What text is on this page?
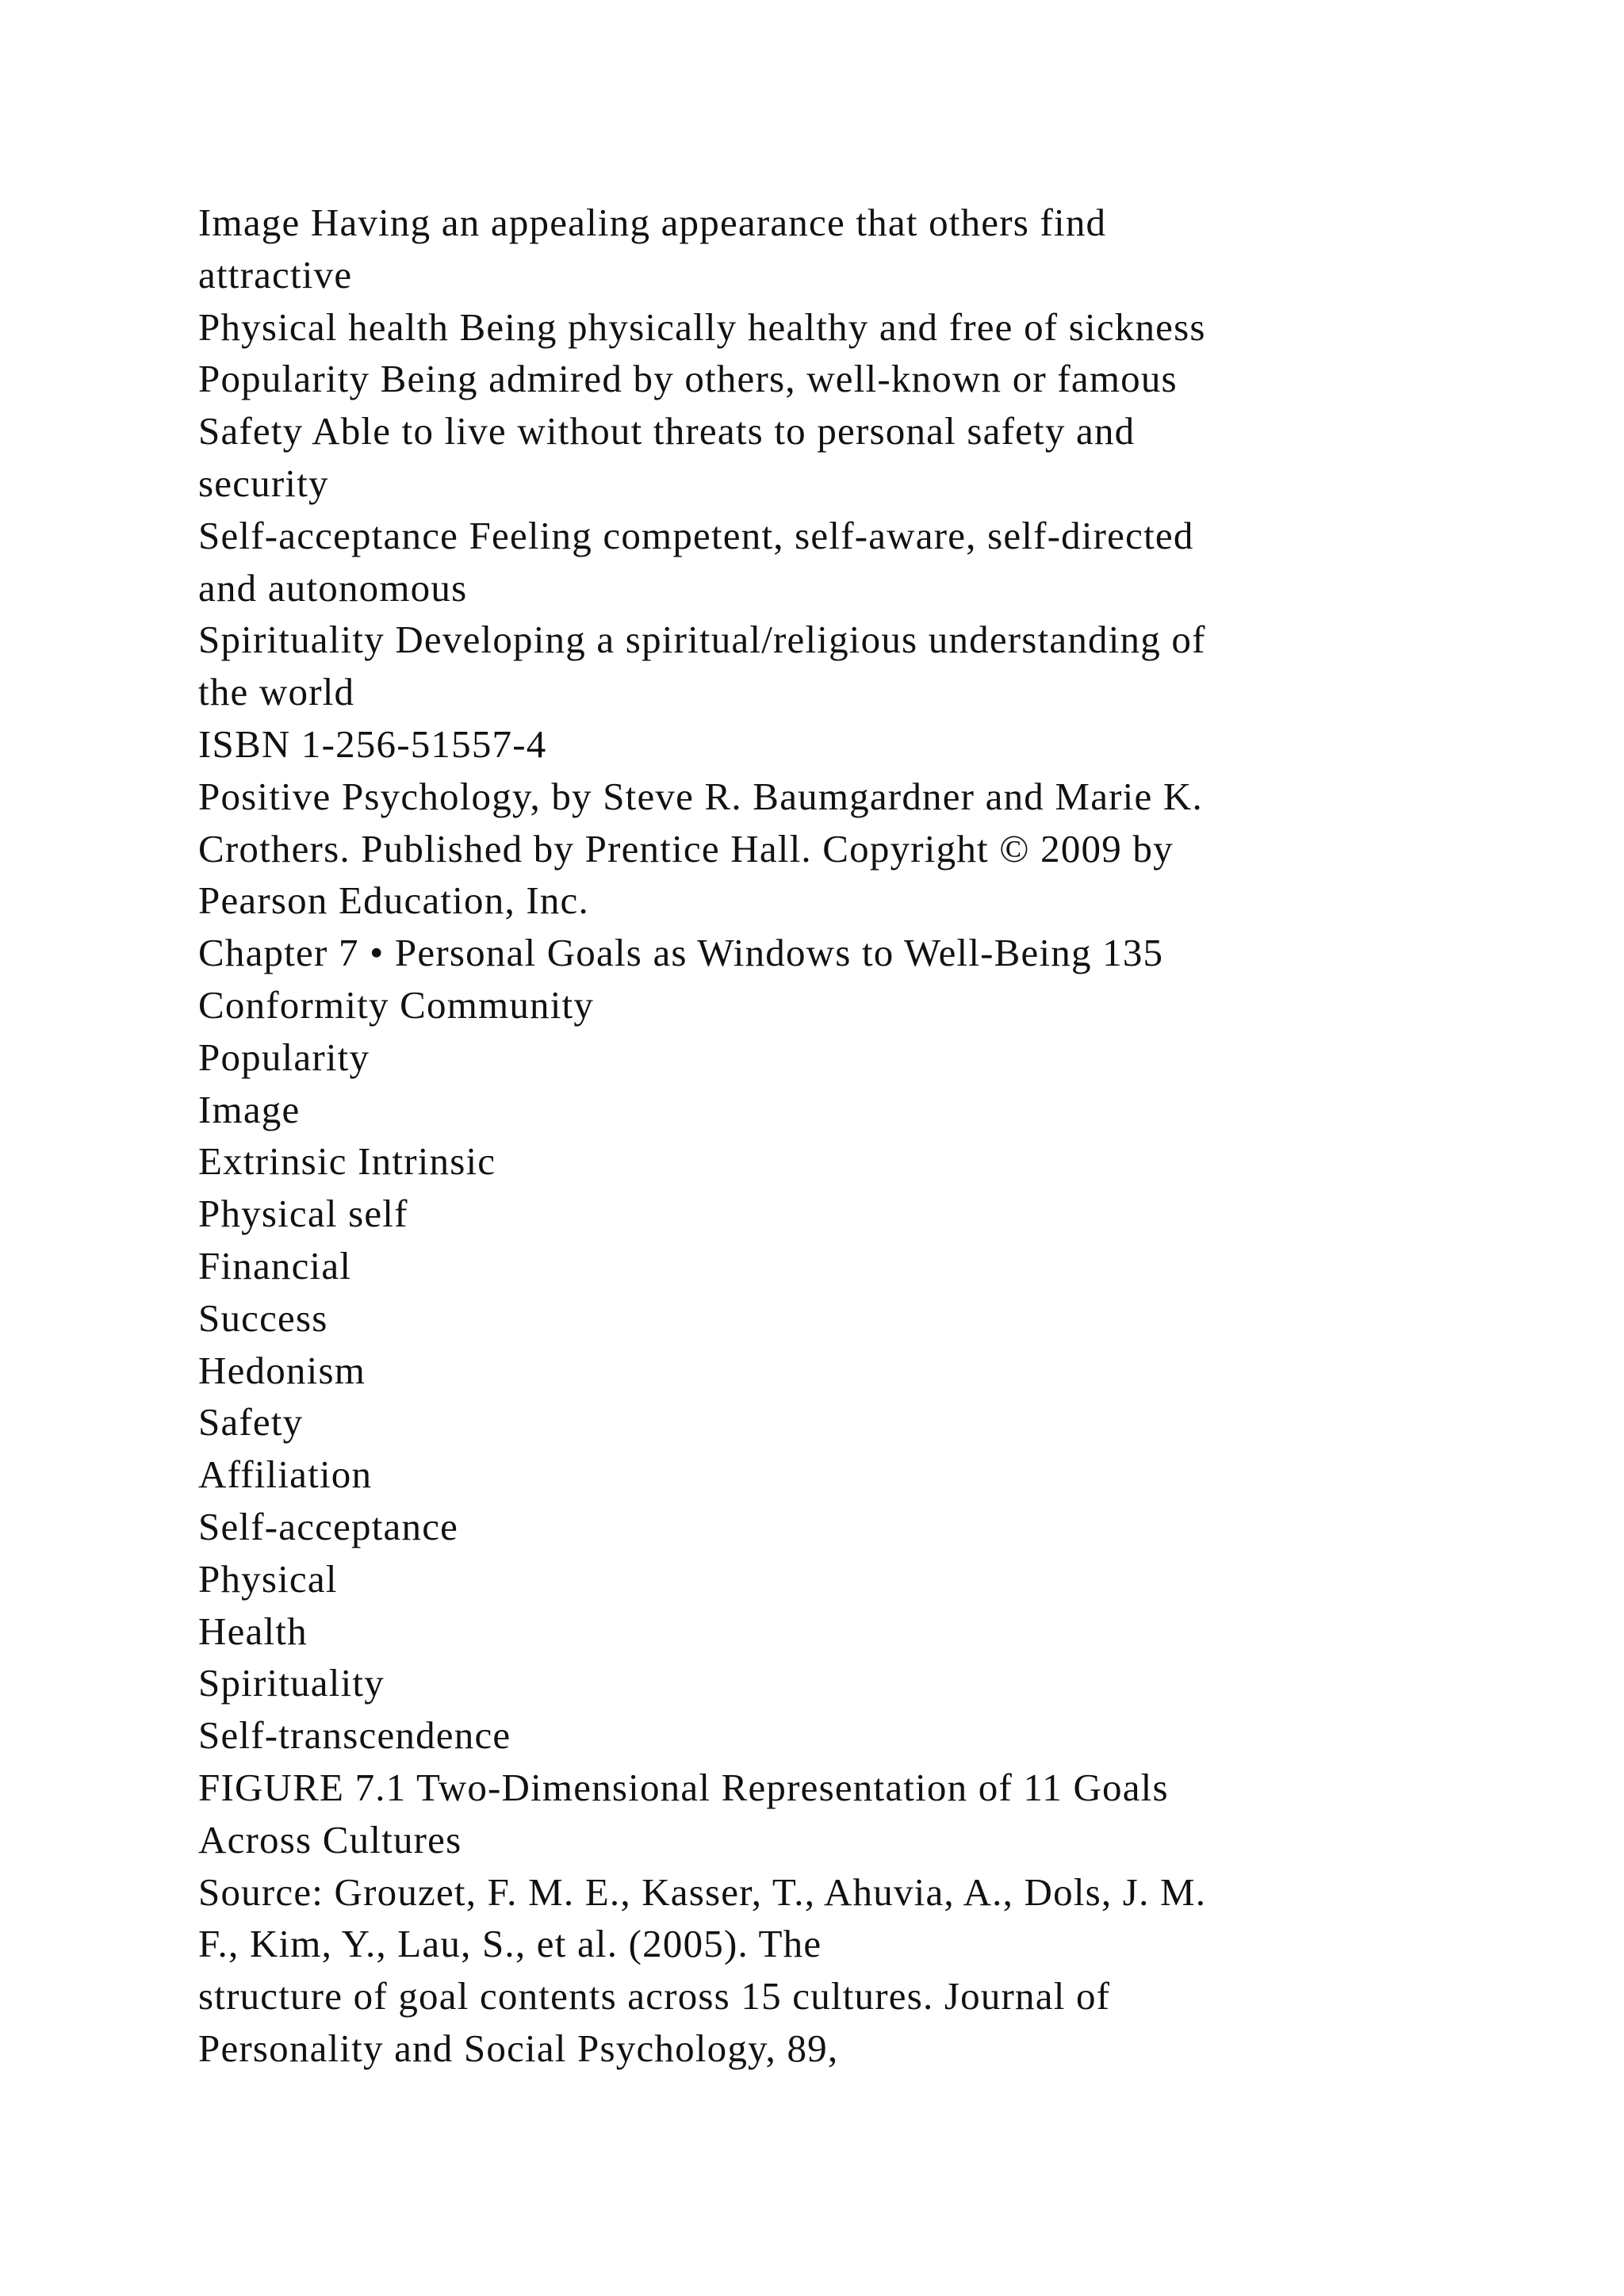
Image Having an appealing appearance that others find
attractive
Physical health Being physically healthy and free of sickness
Popularity Being admired by others, well-known or famous
Safety Able to live without threats to personal safety and
security
Self-acceptance Feeling competent, self-aware, self-directed
and autonomous
Spirituality Developing a spiritual/religious understanding of
the world
ISBN 1-256-51557-4
Positive Psychology, by Steve R. Baumgardner and Marie K.
Crothers. Published by Prentice Hall. Copyright © 2009 by
Pearson Education, Inc.
Chapter 7 • Personal Goals as Windows to Well-Being 135
Conformity Community
Popularity
Image
Extrinsic Intrinsic
Physical self
Financial
Success
Hedonism
Safety
Affiliation
Self-acceptance
Physical
Health
Spirituality
Self-transcendence
FIGURE 7.1 Two-Dimensional Representation of 11 Goals
Across Cultures
Source: Grouzet, F. M. E., Kasser, T., Ahuvia, A., Dols, J. M.
F., Kim, Y., Lau, S., et al. (2005). The
structure of goal contents across 15 cultures. Journal of
Personality and Social Psychology, 89,
